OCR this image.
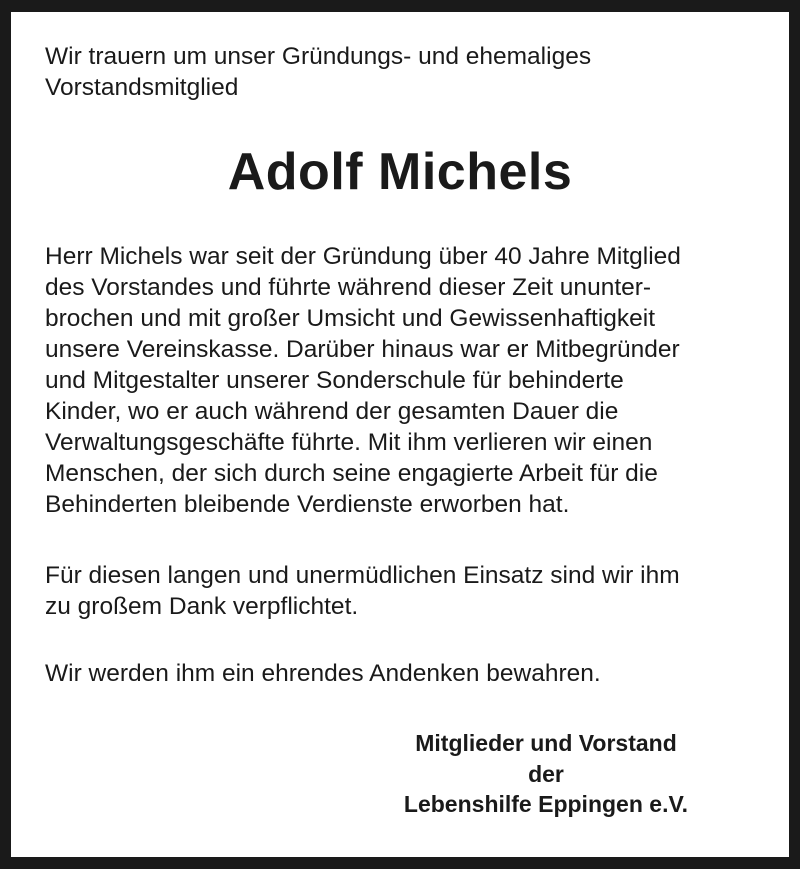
Wir trauern um unser Gründungs- und ehemaliges
Vorstandsmitglied

Adolf Michels

Herr Michels war seit der Gründung über 40 Jahre Mitglied
des Vorstandes und führte während dieser Zeit ununter-
brochen und mit großer Umsicht und Gewissenhaftigkeit
unsere Vereinskasse. Darüber hinaus war er Mitbegründer
und Mitgestalter unserer Sonderschule für behinderte
Kinder, wo er auch während der gesamten Dauer die
Verwaltungsgeschäfte führte. Mit ihm verlieren wir einen
Menschen, der sich durch seine engagierte Arbeit für die
Behinderten bleibende Verdienste erworben hat.

Für diesen langen und unermüdlichen Einsatz sind wir ihm
zu großem Dank verpflichtet.

Wir werden ihm ein ehrendes Andenken bewahren.

Mitglieder und Vorstand
der
Lebenshilfe Eppingen e.V.
